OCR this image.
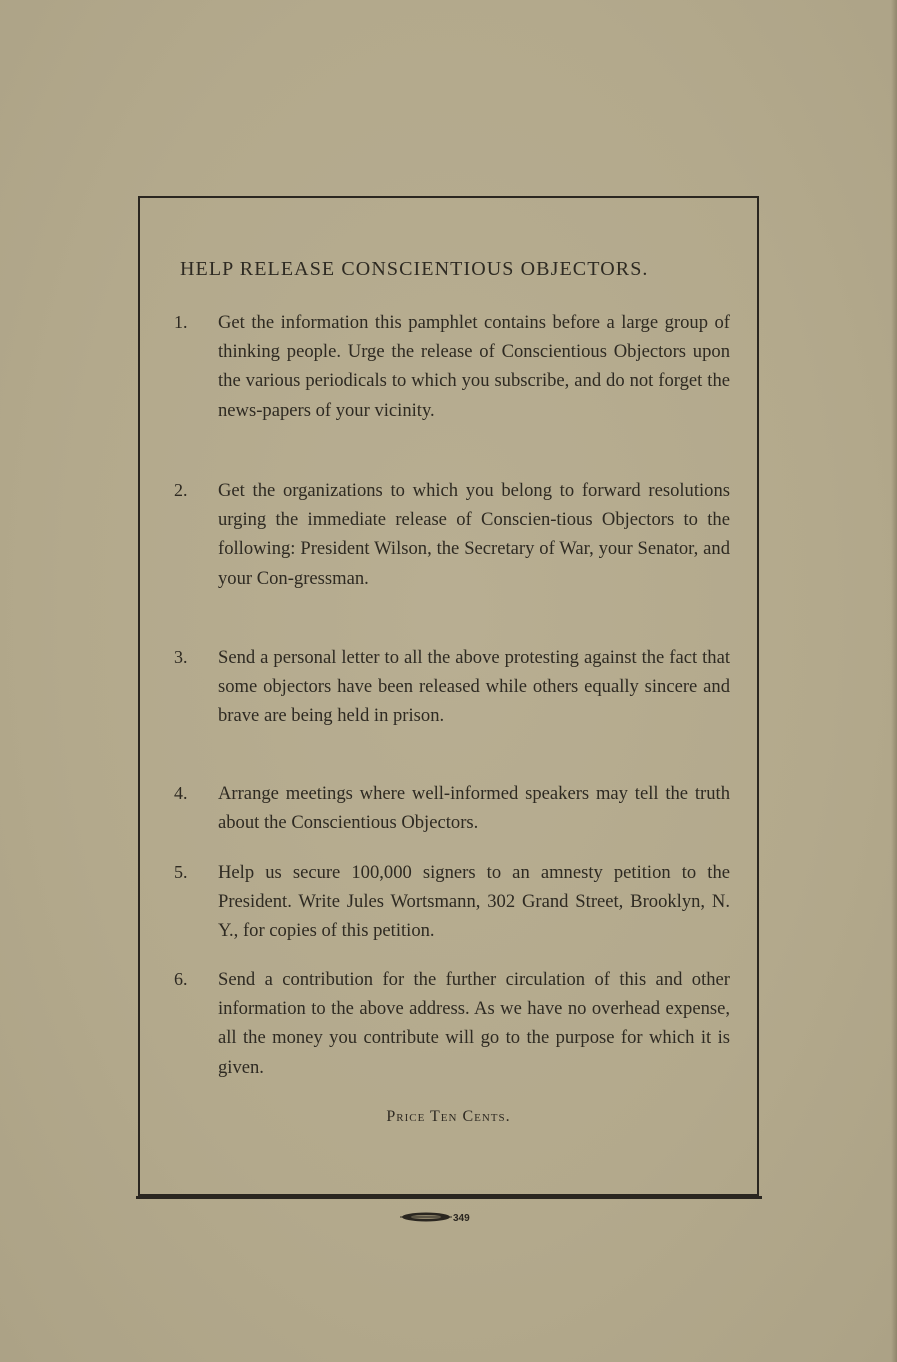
HELP RELEASE CONSCIENTIOUS OBJECTORS.
1. Get the information this pamphlet contains before a large group of thinking people. Urge the release of Conscientious Objectors upon the various periodicals to which you subscribe, and do not forget the news-papers of your vicinity.
2. Get the organizations to which you belong to forward resolutions urging the immediate release of Conscien-tious Objectors to the following: President Wilson, the Secretary of War, your Senator, and your Con-gressman.
3. Send a personal letter to all the above protesting against the fact that some objectors have been released while others equally sincere and brave are being held in prison.
4. Arrange meetings where well-informed speakers may tell the truth about the Conscientious Objectors.
5. Help us secure 100,000 signers to an amnesty petition to the President. Write Jules Wortsmann, 302 Grand Street, Brooklyn, N. Y., for copies of this petition.
6. Send a contribution for the further circulation of this and other information to the above address. As we have no overhead expense, all the money you contribute will go to the purpose for which it is given.
Price Ten Cents.
349
